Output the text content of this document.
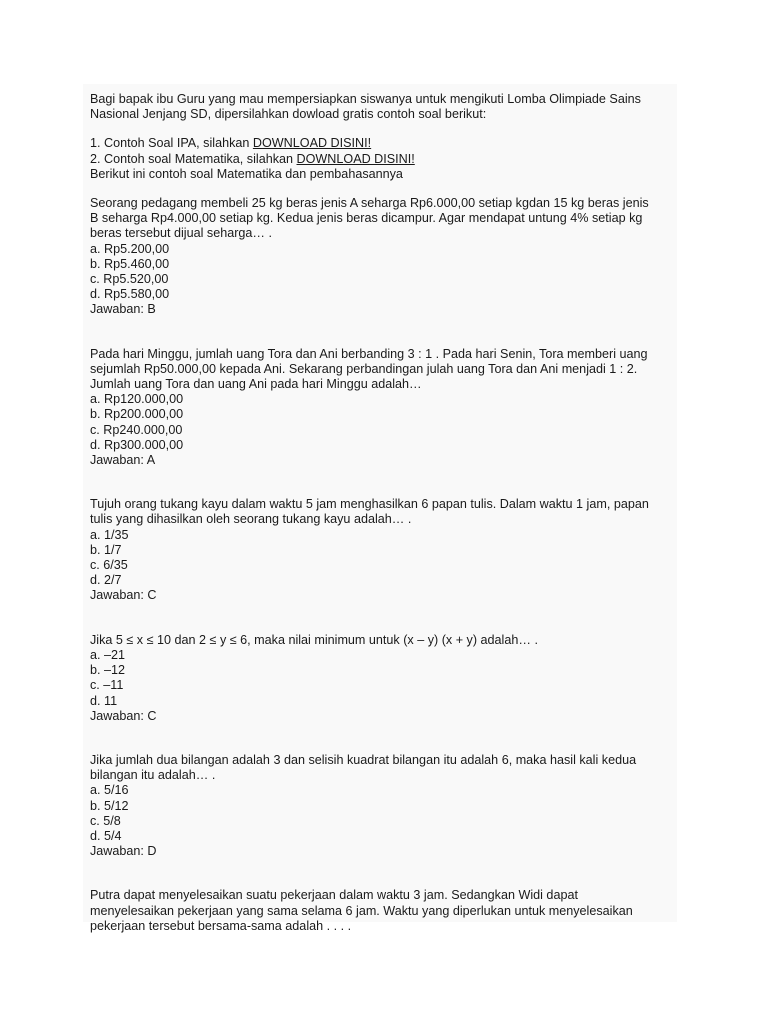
Bagi bapak ibu Guru yang mau mempersiapkan siswanya untuk mengikuti Lomba Olimpiade Sains
Nasional Jenjang SD, dipersilahkan dowload gratis contoh soal berikut:

1. Contoh Soal IPA, silahkan DOWNLOAD DISINI!
2. Contoh soal Matematika, silahkan DOWNLOAD DISINI!

Berikut ini contoh soal Matematika dan pembahasannya

Seorang pedagang membeli 25 kg beras jenis A seharga Rp6.000,00 setiap kgdan 15 kg beras jenis
B seharga Rp4.000,00 setiap kg. Kedua jenis beras dicampur. Agar mendapat untung 4% setiap kg
beras tersebut dijual seharga… .

a. Rp5.200,00
b. Rp5.460,00
c. Rp5.520,00
d. Rp5.580,00
Jawaban: B

Pada hari Minggu, jumlah uang Tora dan Ani berbanding 3 : 1 . Pada hari Senin, Tora memberi uang
sejumlah Rp50.000,00 kepada Ani. Sekarang perbandingan julah uang Tora dan Ani menjadi 1 : 2.
Jumlah uang Tora dan uang Ani pada hari Minggu adalah…

a. Rp120.000,00
b. Rp200.000,00
c. Rp240.000,00
d. Rp300.000,00
Jawaban: A

Tujuh orang tukang kayu dalam waktu 5 jam menghasilkan 6 papan tulis. Dalam waktu 1 jam, papan
tulis yang dihasilkan oleh seorang tukang kayu adalah… .

a. 1/35
b. 1/7
c. 6/35
d. 2/7
Jawaban: C

Jika 5 ≤ x ≤ 10 dan 2 ≤ y ≤ 6, maka nilai minimum untuk (x – y) (x + y) adalah… .

a. –21
b. –12
c. –11
d. 11
Jawaban: C

Jika jumlah dua bilangan adalah 3 dan selisih kuadrat bilangan itu adalah 6, maka hasil kali kedua
bilangan itu adalah… .

a. 5/16
b. 5/12
c. 5/8
d. 5/4
Jawaban: D

Putra dapat menyelesaikan suatu pekerjaan dalam waktu 3 jam. Sedangkan Widi dapat
menyelesaikan pekerjaan yang sama selama 6 jam. Waktu yang diperlukan untuk menyelesaikan
pekerjaan tersebut bersama-sama adalah . . . .
